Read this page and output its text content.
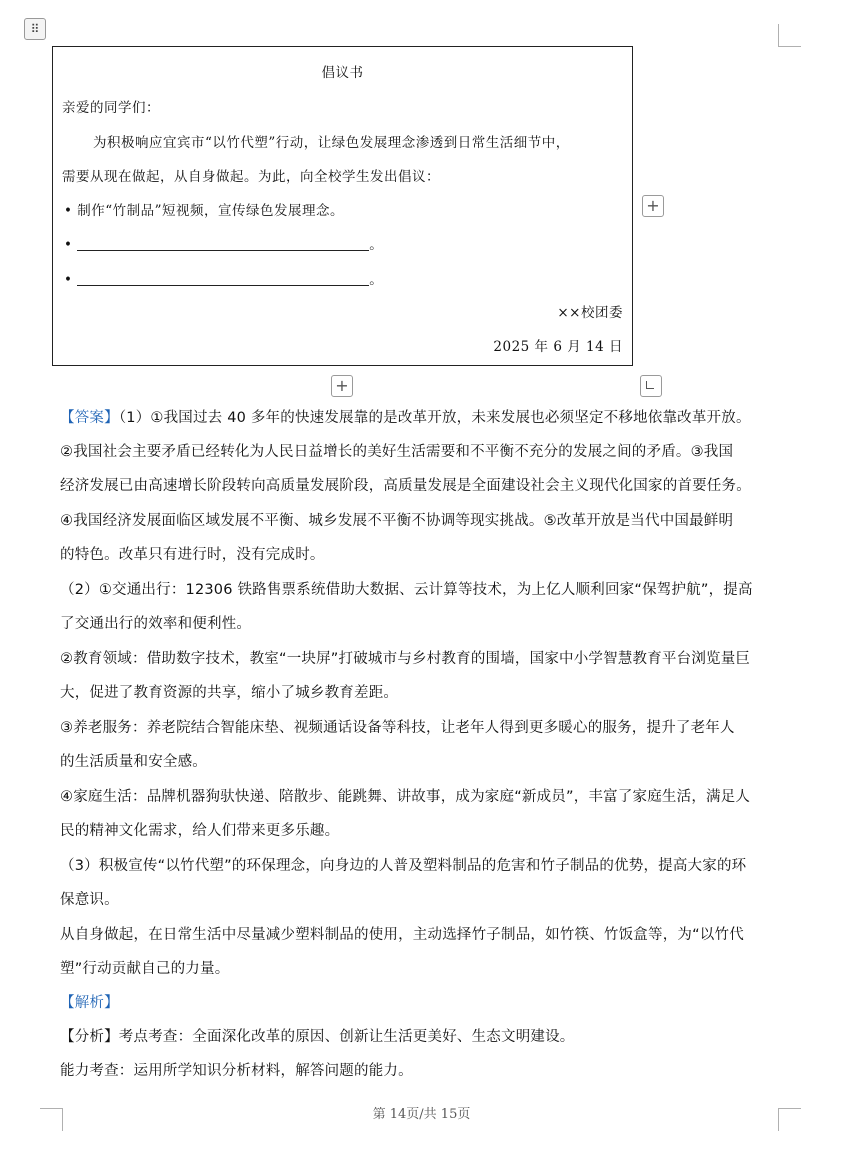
⠿
倡议书
亲爱的同学们：
为积极响应宜宾市“以竹代塑”行动，让绿色发展理念渗透到日常生活细节中，
需要从现在做起，从自身做起。为此，向全校学生发出倡议：
• 制作“竹制品”短视频，宣传绿色发展理念。
•	。
•	。
××校团委
2025 年 6 月 14 日
+
+
【答案】（1）①我国过去 40 多年的快速发展靠的是改革开放，未来发展也必须坚定不移地依靠改革开放。
②我国社会主要矛盾已经转化为人民日益增长的美好生活需要和不平衡不充分的发展之间的矛盾。③我国
经济发展已由高速增长阶段转向高质量发展阶段，高质量发展是全面建设社会主义现代化国家的首要任务。
④我国经济发展面临区域发展不平衡、城乡发展不平衡不协调等现实挑战。⑤改革开放是当代中国最鲜明
的特色。改革只有进行时，没有完成时。
（2）①交通出行：12306 铁路售票系统借助大数据、云计算等技术，为上亿人顺利回家“保驾护航”，提高
了交通出行的效率和便利性。
②教育领域：借助数字技术，教室“一块屏”打破城市与乡村教育的围墙，国家中小学智慧教育平台浏览量巨
大，促进了教育资源的共享，缩小了城乡教育差距。
③养老服务：养老院结合智能床垫、视频通话设备等科技，让老年人得到更多暖心的服务，提升了老年人
的生活质量和安全感。
④家庭生活：品牌机器狗驮快递、陪散步、能跳舞、讲故事，成为家庭“新成员”，丰富了家庭生活，满足人
民的精神文化需求，给人们带来更多乐趣。
（3）积极宣传“以竹代塑”的环保理念，向身边的人普及塑料制品的危害和竹子制品的优势，提高大家的环
保意识。
从自身做起，在日常生活中尽量减少塑料制品的使用，主动选择竹子制品，如竹筷、竹饭盒等，为“以竹代
塑”行动贡献自己的力量。
【解析】
【分析】考点考查：全面深化改革的原因、创新让生活更美好、生态文明建设。
能力考查：运用所学知识分析材料，解答问题的能力。
第 14页/共 15页
